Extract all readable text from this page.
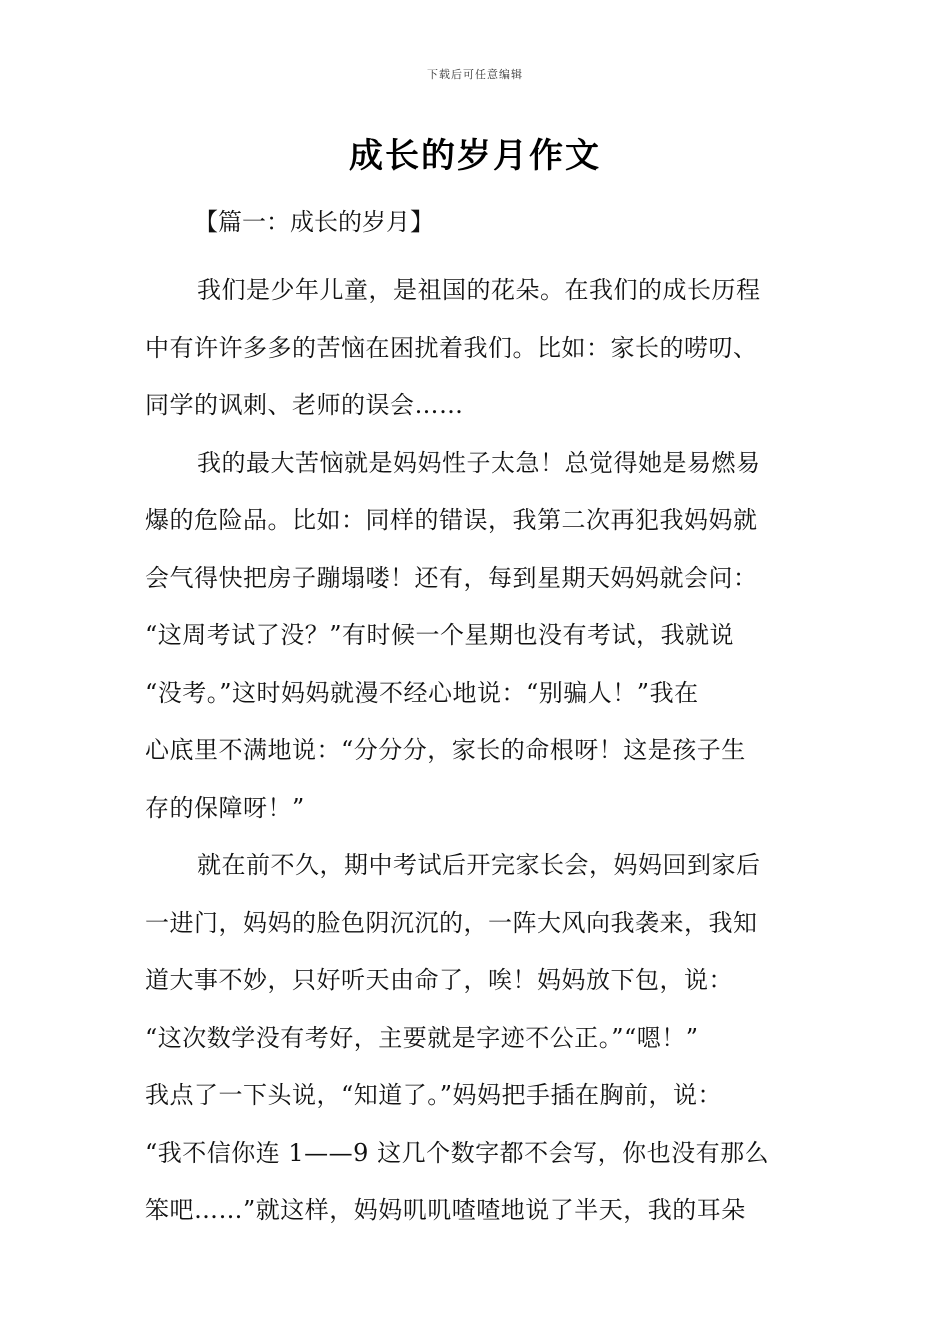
下载后可任意编辑
成长的岁月作文
【篇一：成长的岁月】
我们是少年儿童，是祖国的花朵。在我们的成长历程
中有许许多多的苦恼在困扰着我们。比如：家长的唠叨、
同学的讽刺、老师的误会……
我的最大苦恼就是妈妈性子太急！总觉得她是易燃易
爆的危险品。比如：同样的错误，我第二次再犯我妈妈就
会气得快把房子蹦塌喽！还有，每到星期天妈妈就会问：
“这周考试了没？”有时候一个星期也没有考试，我就说
“没考。”这时妈妈就漫不经心地说：“别骗人！”我在
心底里不满地说：“分分分，家长的命根呀！这是孩子生
存的保障呀！”
就在前不久，期中考试后开完家长会，妈妈回到家后
一进门，妈妈的脸色阴沉沉的，一阵大风向我袭来，我知
道大事不妙，只好听天由命了，唉！妈妈放下包，说：
“这次数学没有考好，主要就是字迹不公正。”“嗯！”
我点了一下头说，“知道了。”妈妈把手插在胸前，说：
“我不信你连 1——9 这几个数字都不会写，你也没有那么
笨吧……”就这样，妈妈叽叽喳喳地说了半天，我的耳朵
